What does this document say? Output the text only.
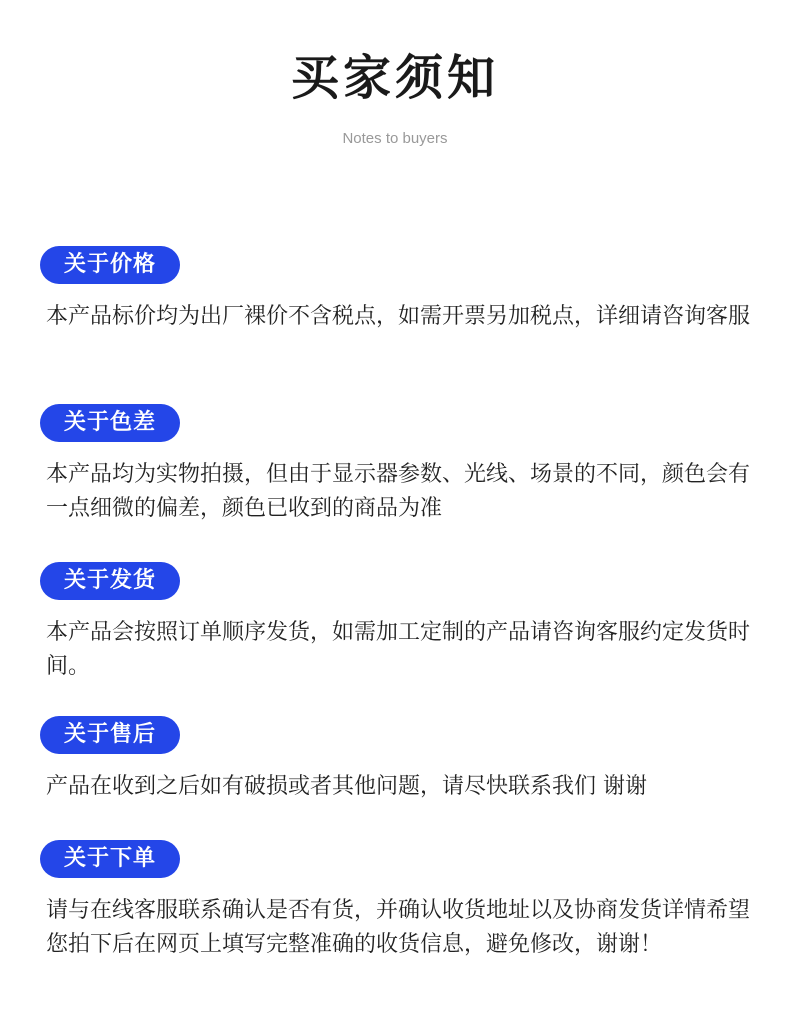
买家须知
Notes to buyers
关于价格
本产品标价均为出厂裸价不含税点，如需开票另加税点，详细请咨询客服
关于色差
本产品均为实物拍摄，但由于显示器参数、光线、场景的不同，颜色会有一点细微的偏差，颜色已收到的商品为准
关于发货
本产品会按照订单顺序发货，如需加工定制的产品请咨询客服约定发货时间。
关于售后
产品在收到之后如有破损或者其他问题，请尽快联系我们 谢谢
关于下单
请与在线客服联系确认是否有货，并确认收货地址以及协商发货详情希望您拍下后在网页上填写完整准确的收货信息，避免修改，谢谢！
